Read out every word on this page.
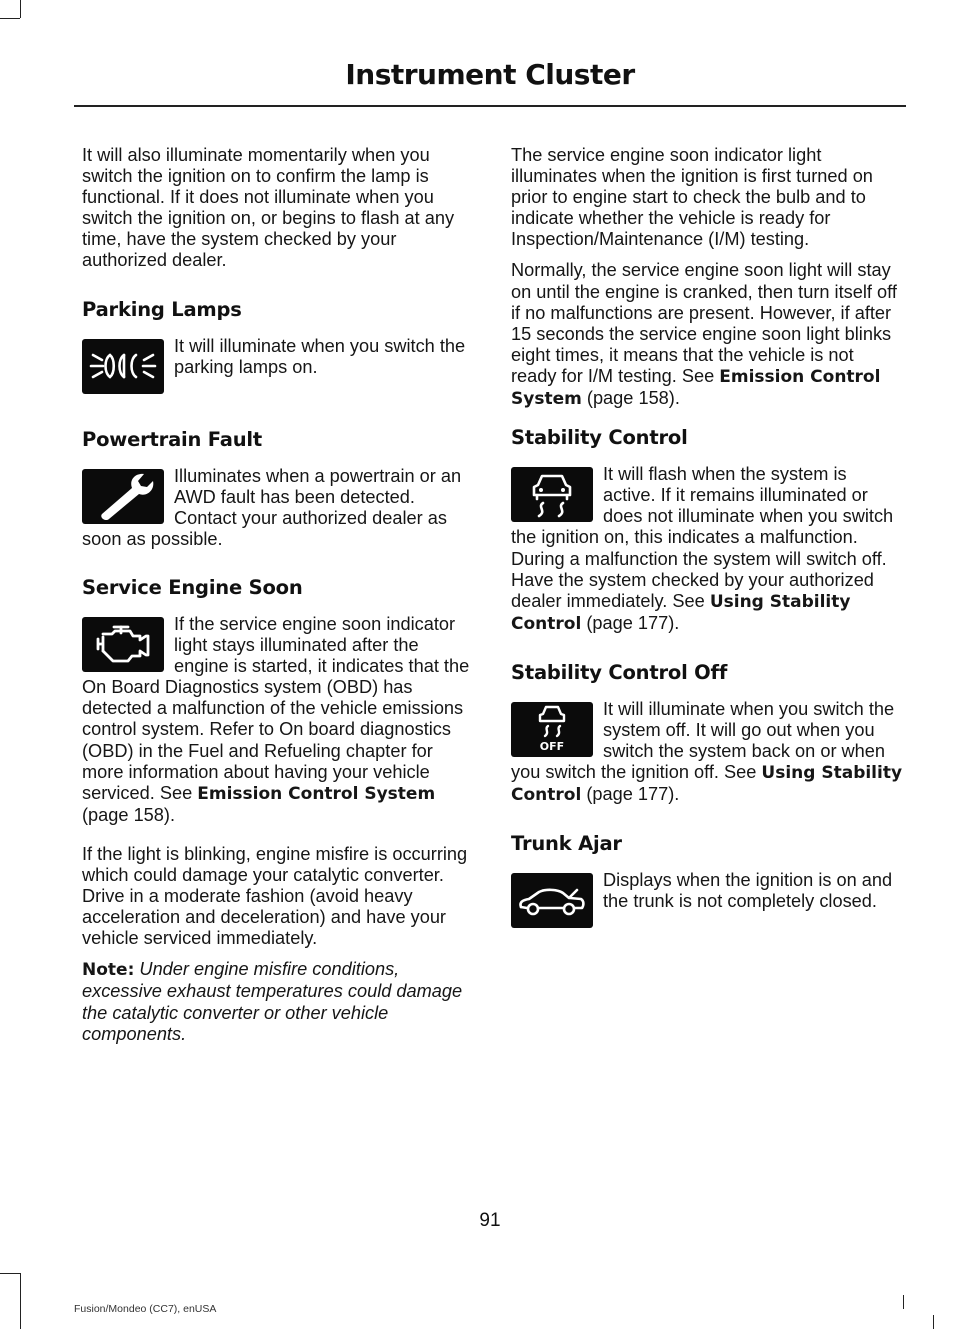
Instrument Cluster

It will also illuminate momentarily when you switch the ignition on to confirm the lamp is functional. If it does not illuminate when you switch the ignition on, or begins to flash at any time, have the system checked by your authorized dealer.

Parking Lamps

It will illuminate when you switch the parking lamps on.

Powertrain Fault

Illuminates when a powertrain or an AWD fault has been detected. Contact your authorized dealer as soon as possible.

Service Engine Soon

If the service engine soon indicator light stays illuminated after the engine is started, it indicates that the On Board Diagnostics system (OBD) has detected a malfunction of the vehicle emissions control system. Refer to On board diagnostics (OBD) in the Fuel and Refueling chapter for more information about having your vehicle serviced. See Emission Control System (page 158).

If the light is blinking, engine misfire is occurring which could damage your catalytic converter. Drive in a moderate fashion (avoid heavy acceleration and deceleration) and have your vehicle serviced immediately.

Note: Under engine misfire conditions, excessive exhaust temperatures could damage the catalytic converter or other vehicle components.

The service engine soon indicator light illuminates when the ignition is first turned on prior to engine start to check the bulb and to indicate whether the vehicle is ready for Inspection/Maintenance (I/M) testing.

Normally, the service engine soon light will stay on until the engine is cranked, then turn itself off if no malfunctions are present. However, if after 15 seconds the service engine soon light blinks eight times, it means that the vehicle is not ready for I/M testing. See Emission Control System (page 158).

Stability Control

It will flash when the system is active. If it remains illuminated or does not illuminate when you switch the ignition on, this indicates a malfunction. During a malfunction the system will switch off. Have the system checked by your authorized dealer immediately. See Using Stability Control (page 177).

Stability Control Off
OFF

It will illuminate when you switch the system off. It will go out when you switch the system back on or when you switch the ignition off. See Using Stability Control (page 177).

Trunk Ajar

Displays when the ignition is on and the trunk is not completely closed.

91
Fusion/Mondeo (CC7), enUSA
